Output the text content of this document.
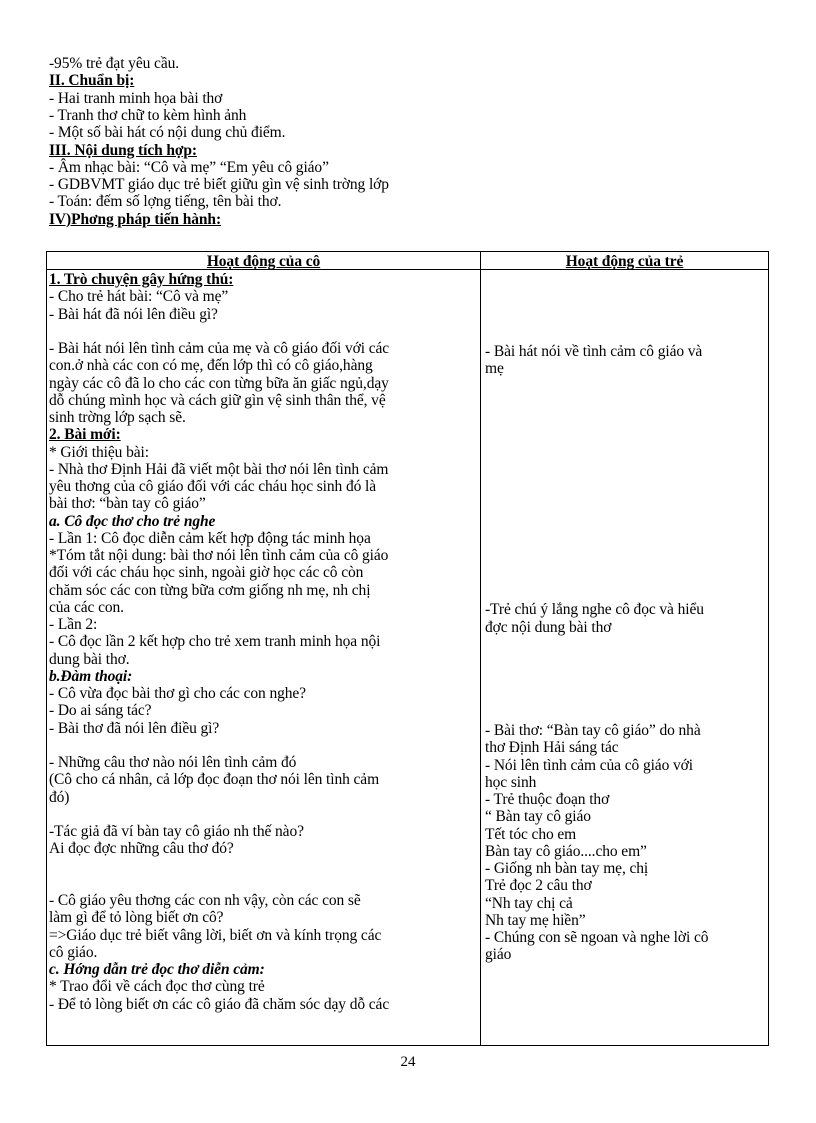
-95% trẻ đạt yêu cầu.
II. Chuẩn bị:
- Hai tranh minh họa bài thơ
- Tranh thơ chữ to kèm hình ảnh
- Một số bài hát có nội dung chủ điểm.
III. Nội dung tích hợp:
- Âm nhạc bài: “Cô và mẹ” “Em yêu cô giáo”
- GDBVMT giáo dục trẻ biết giữu gìn vệ sinh trờng lớp
- Toán: đếm số lợng tiếng, tên bài thơ.
IV)Phơng pháp tiến hành:
Hoạt động của cô	Hoạt động của trẻ
1. Trò chuyện gây hứng thú:
- Cho trẻ hát bài: “Cô và mẹ”
- Bài hát đã nói lên điều gì?
- Bài hát nói lên tình cảm của mẹ và cô giáo đối với các
con.ở nhà các con có mẹ, đến lớp thì có cô giáo,hàng
ngày các cô đã lo cho các con từng bữa ăn giấc ngủ,dạy
dỗ chúng mình học và cách giữ gìn vệ sinh thân thể, vệ
sinh trờng lớp sạch sẽ.
2. Bài mới:
* Giới thiệu bài:
- Nhà thơ Định Hải đã viết một bài thơ nói lên tình cảm
yêu thơng của cô giáo đối với các cháu học sinh đó là
bài thơ: “bàn tay cô giáo”
a. Cô đọc thơ cho trẻ nghe
- Lần 1: Cô đọc diễn cảm kết hợp động tác minh họa
*Tóm tắt nội dung: bài thơ nói lên tình cảm của cô giáo
đối với các cháu học sinh, ngoài giờ học các cô còn
chăm sóc các con từng bữa cơm giống nh mẹ, nh chị
của các con.
- Lần 2:
- Cô đọc lần 2 kết hợp cho trẻ xem tranh minh họa nội
dung bài thơ.
b.Đàm thoại:
- Cô vừa đọc bài thơ gì cho các con nghe?
- Do ai sáng tác?
- Bài thơ đã nói lên điều gì?
- Những câu thơ nào nói lên tình cảm đó
(Cô cho cá nhân, cả lớp đọc đoạn thơ nói lên tình cảm
đó)
-Tác giả đã ví bàn tay cô giáo nh thế nào?
Ai đọc đợc những câu thơ đó?
- Cô giáo yêu thơng các con nh vậy, còn các con sẽ
làm gì để tỏ lòng biết ơn cô?
=>Giáo dục trẻ biết vâng lời, biết ơn và kính trọng các
cô giáo.
c. Hớng dẫn trẻ đọc thơ diễn cảm:
* Trao đổi về cách đọc thơ cùng trẻ
- Để tỏ lòng biết ơn các cô giáo đã chăm sóc dạy dỗ các
- Bài hát nói về tình cảm cô giáo và
mẹ
-Trẻ chú ý lắng nghe cô đọc và hiểu
đợc nội dung bài thơ
- Bài thơ: “Bàn tay cô giáo” do nhà
thơ Định Hải sáng tác
- Nói lên tình cảm của cô giáo với
học sinh
- Trẻ thuộc đoạn thơ
“ Bàn tay cô giáo
Tết tóc cho em
Bàn tay cô giáo....cho em”
- Giống nh bàn tay mẹ, chị
Trẻ đọc 2 câu thơ
“Nh tay chị cả
Nh tay mẹ hiền”
- Chúng con sẽ ngoan và nghe lời cô
giáo
24
